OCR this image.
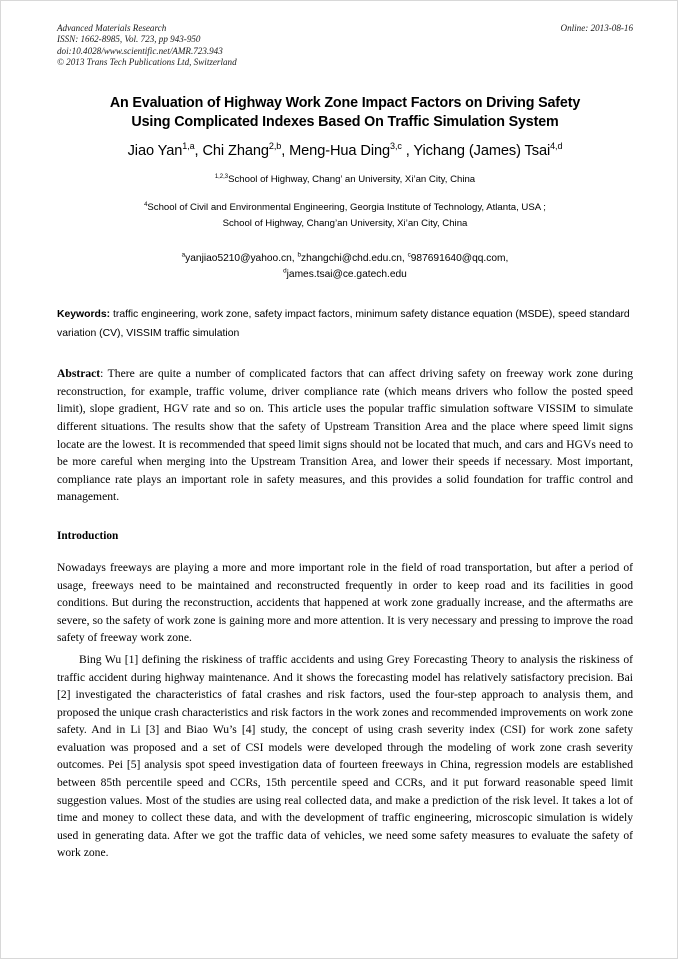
Advanced Materials Research
ISSN: 1662-8985, Vol. 723, pp 943-950
doi:10.4028/www.scientific.net/AMR.723.943
© 2013 Trans Tech Publications Ltd, Switzerland
Online: 2013-08-16
An Evaluation of Highway Work Zone Impact Factors on Driving Safety
Using Complicated Indexes Based On Traffic Simulation System
Jiao Yan$^{1,a}$, Chi Zhang$^{2,b}$, Meng-Hua Ding$^{3,c}$ , Yichang (James) Tsai$^{4,d}$
$^{1,2,3}$School of Highway, Chang’ an University, Xi’an City, China
$^4$School of Civil and Environmental Engineering, Georgia Institute of Technology, Atlanta, USA ;
School of Highway, Chang’an University, Xi’an City, China
$^a$yanjiao5210@yahoo.cn, $^b$zhangchi@chd.edu.cn, $^c$987691640@qq.com,
$^d$james.tsai@ce.gatech.edu
Keywords: traffic engineering, work zone, safety impact factors, minimum safety distance equation (MSDE), speed standard variation (CV), VISSIM traffic simulation
Abstract: There are quite a number of complicated factors that can affect driving safety on freeway work zone during reconstruction, for example, traffic volume, driver compliance rate (which means drivers who follow the posted speed limit), slope gradient, HGV rate and so on. This article uses the popular traffic simulation software VISSIM to simulate different situations. The results show that the safety of Upstream Transition Area and the place where speed limit signs locate are the lowest. It is recommended that speed limit signs should not be located that much, and cars and HGVs need to be more careful when merging into the Upstream Transition Area, and lower their speeds if necessary. Most important, compliance rate plays an important role in safety measures, and this provides a solid foundation for traffic control and management.
Introduction

Nowadays freeways are playing a more and more important role in the field of road transportation, but after a period of usage, freeways need to be maintained and reconstructed frequently in order to keep road and its facilities in good conditions. But during the reconstruction, accidents that happened at work zone gradually increase, and the aftermaths are severe, so the safety of work zone is gaining more and more attention. It is very necessary and pressing to improve the road safety of freeway work zone.

Bing Wu [1] defining the riskiness of traffic accidents and using Grey Forecasting Theory to analysis the riskiness of traffic accident during highway maintenance. And it shows the forecasting model has relatively satisfactory precision. Bai [2] investigated the characteristics of fatal crashes and risk factors, used the four-step approach to analysis them, and proposed the unique crash characteristics and risk factors in the work zones and recommended improvements on work zone safety. And in Li [3] and Biao Wu’s [4] study, the concept of using crash severity index (CSI) for work zone safety evaluation was proposed and a set of CSI models were developed through the modeling of work zone crash severity outcomes. Pei [5] analysis spot speed investigation data of fourteen freeways in China, regression models are established between 85th percentile speed and CCRs, 15th percentile speed and CCRs, and it put forward reasonable speed limit suggestion values. Most of the studies are using real collected data, and make a prediction of the risk level. It takes a lot of time and money to collect these data, and with the development of traffic engineering, microscopic simulation is widely used in generating data. After we got the traffic data of vehicles, we need some safety measures to evaluate the safety of work zone.
